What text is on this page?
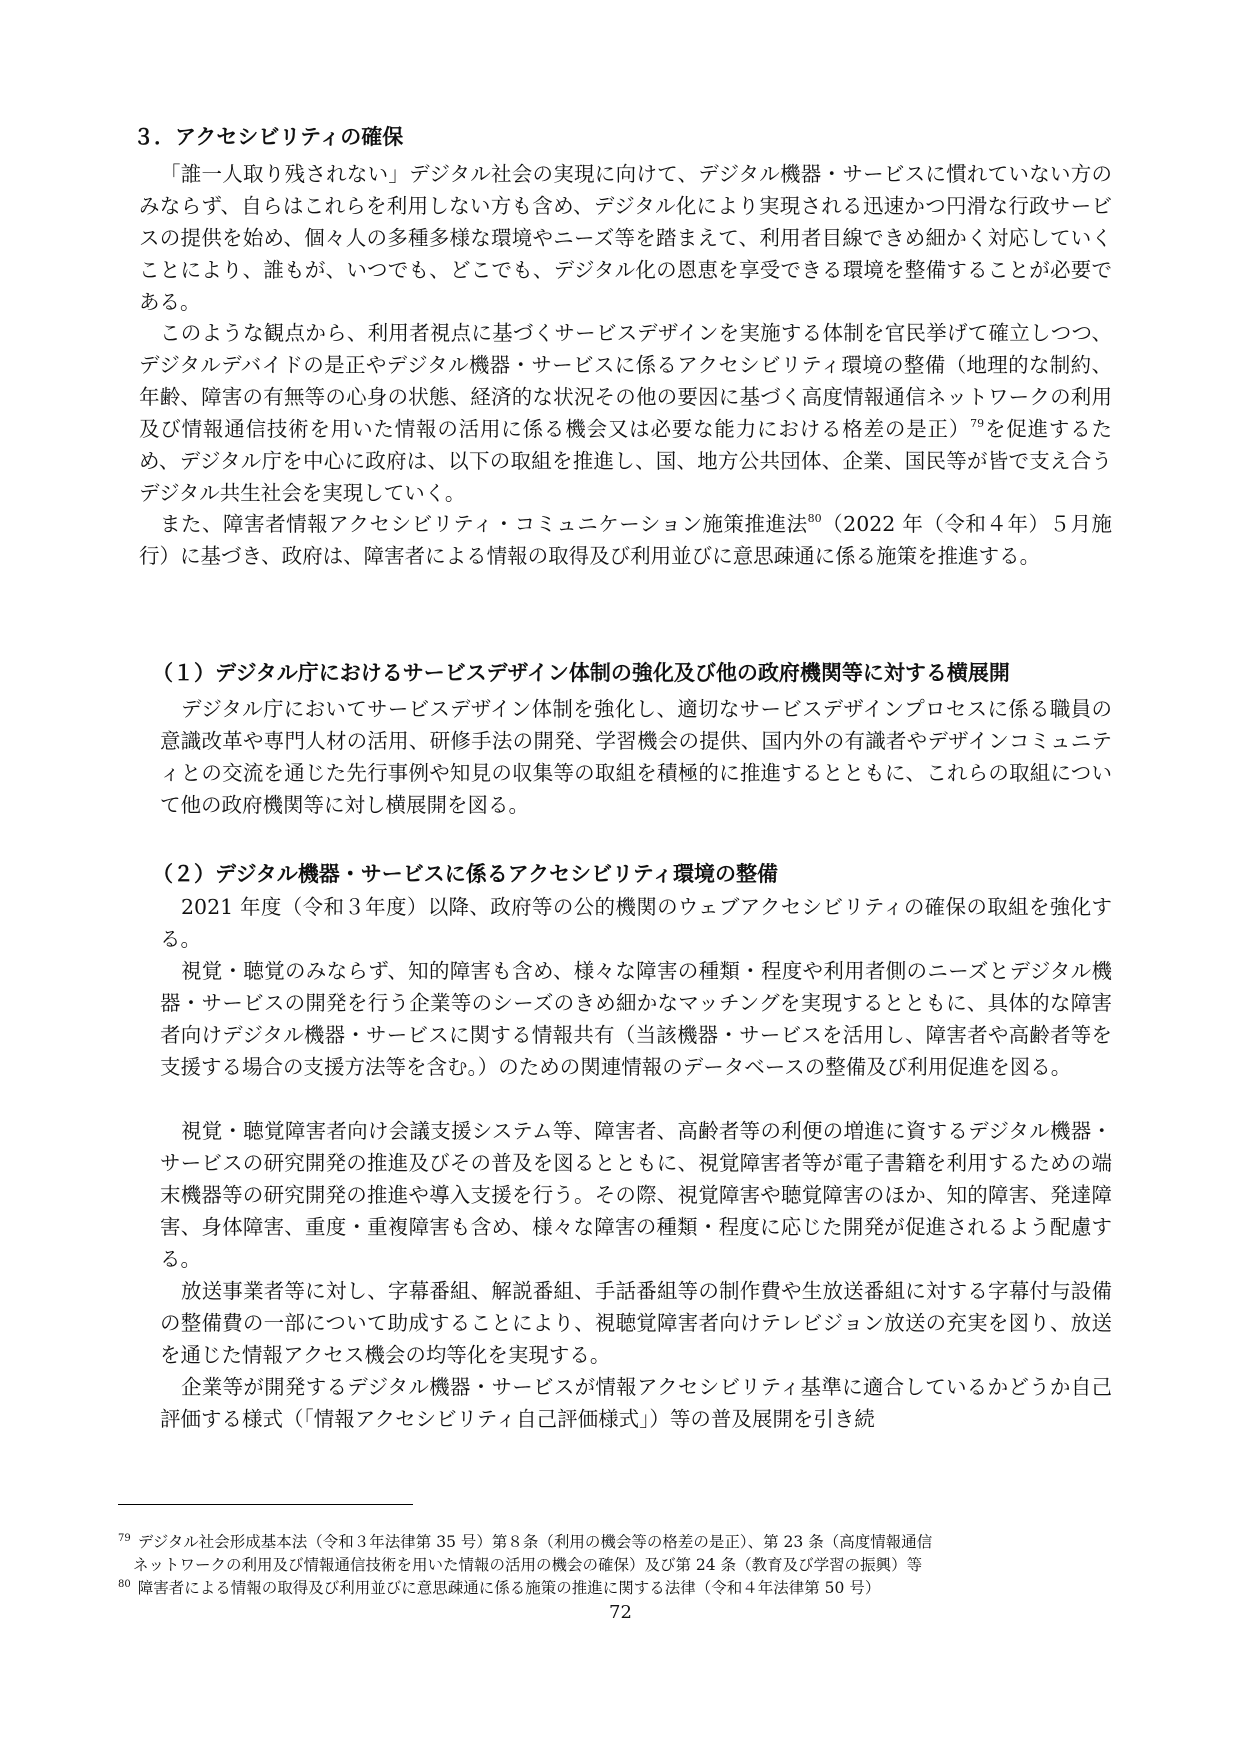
３．アクセシビリティの確保

「誰一人取り残されない」デジタル社会の実現に向けて、デジタル機器・サービスに慣れていない方のみならず、自らはこれらを利用しない方も含め、デジタル化により実現される迅速かつ円滑な行政サービスの提供を始め、個々人の多種多様な環境やニーズ等を踏まえて、利用者目線できめ細かく対応していくことにより、誰もが、いつでも、どこでも、デジタル化の恩恵を享受できる環境を整備することが必要である。

このような観点から、利用者視点に基づくサービスデザインを実施する体制を官民挙げて確立しつつ、デジタルデバイドの是正やデジタル機器・サービスに係るアクセシビリティ環境の整備（地理的な制約、年齢、障害の有無等の心身の状態、経済的な状況その他の要因に基づく高度情報通信ネットワークの利用及び情報通信技術を用いた情報の活用に係る機会又は必要な能力における格差の是正）$^{79}$を促進するため、デジタル庁を中心に政府は、以下の取組を推進し、国、地方公共団体、企業、国民等が皆で支え合うデジタル共生社会を実現していく。

また、障害者情報アクセシビリティ・コミュニケーション施策推進法$^{80}$（2022 年（令和４年）５月施行）に基づき、政府は、障害者による情報の取得及び利用並びに意思疎通に係る施策を推進する。

（１）デジタル庁におけるサービスデザイン体制の強化及び他の政府機関等に対する横展開

デジタル庁においてサービスデザイン体制を強化し、適切なサービスデザインプロセスに係る職員の意識改革や専門人材の活用、研修手法の開発、学習機会の提供、国内外の有識者やデザインコミュニティとの交流を通じた先行事例や知見の収集等の取組を積極的に推進するとともに、これらの取組について他の政府機関等に対し横展開を図る。

（２）デジタル機器・サービスに係るアクセシビリティ環境の整備

2021 年度（令和３年度）以降、政府等の公的機関のウェブアクセシビリティの確保の取組を強化する。

視覚・聴覚のみならず、知的障害も含め、様々な障害の種類・程度や利用者側のニーズとデジタル機器・サービスの開発を行う企業等のシーズのきめ細かなマッチングを実現するとともに、具体的な障害者向けデジタル機器・サービスに関する情報共有（当該機器・サービスを活用し、障害者や高齢者等を支援する場合の支援方法等を含む。）のための関連情報のデータベースの整備及び利用促進を図る。

視覚・聴覚障害者向け会議支援システム等、障害者、高齢者等の利便の増進に資するデジタル機器・サービスの研究開発の推進及びその普及を図るとともに、視覚障害者等が電子書籍を利用するための端末機器等の研究開発の推進や導入支援を行う。その際、視覚障害や聴覚障害のほか、知的障害、発達障害、身体障害、重度・重複障害も含め、様々な障害の種類・程度に応じた開発が促進されるよう配慮する。

放送事業者等に対し、字幕番組、解説番組、手話番組等の制作費や生放送番組に対する字幕付与設備の整備費の一部について助成することにより、視聴覚障害者向けテレビジョン放送の充実を図り、放送を通じた情報アクセス機会の均等化を実現する。

企業等が開発するデジタル機器・サービスが情報アクセシビリティ基準に適合しているかどうか自己評価する様式（「情報アクセシビリティ自己評価様式」）等の普及展開を引き続

$^{79}$ デジタル社会形成基本法（令和３年法律第 35 号）第８条（利用の機会等の格差の是正）、第 23 条（高度情報通信

ネットワークの利用及び情報通信技術を用いた情報の活用の機会の確保）及び第 24 条（教育及び学習の振興）等

$^{80}$ 障害者による情報の取得及び利用並びに意思疎通に係る施策の推進に関する法律（令和４年法律第 50 号）

72
